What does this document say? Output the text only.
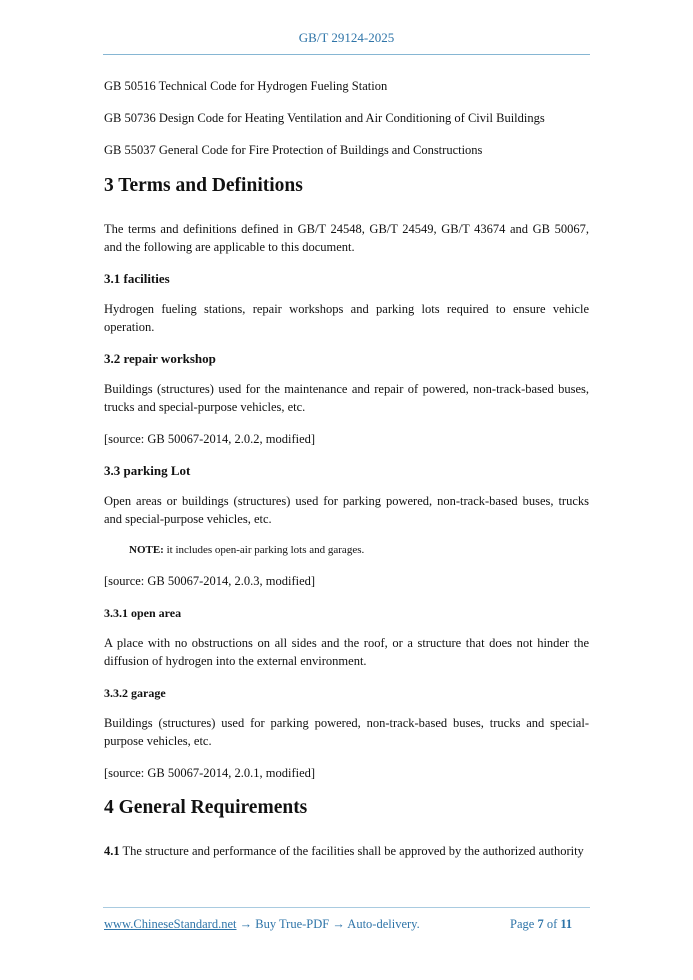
GB/T 29124-2025

GB 50516 Technical Code for Hydrogen Fueling Station

GB 50736 Design Code for Heating Ventilation and Air Conditioning of Civil Buildings

GB 55037 General Code for Fire Protection of Buildings and Constructions

3 Terms and Definitions

The terms and definitions defined in GB/T 24548, GB/T 24549, GB/T 43674 and GB 50067, and the following are applicable to this document.

3.1 facilities

Hydrogen fueling stations, repair workshops and parking lots required to ensure vehicle operation.

3.2 repair workshop

Buildings (structures) used for the maintenance and repair of powered, non-track-based buses, trucks and special-purpose vehicles, etc.

[source: GB 50067-2014, 2.0.2, modified]

3.3 parking Lot

Open areas or buildings (structures) used for parking powered, non-track-based buses, trucks and special-purpose vehicles, etc.

NOTE: it includes open-air parking lots and garages.

[source: GB 50067-2014, 2.0.3, modified]

3.3.1 open area

A place with no obstructions on all sides and the roof, or a structure that does not hinder the diffusion of hydrogen into the external environment.

3.3.2 garage

Buildings (structures) used for parking powered, non-track-based buses, trucks and special-purpose vehicles, etc.

[source: GB 50067-2014, 2.0.1, modified]

4 General Requirements

4.1 The structure and performance of the facilities shall be approved by the authorized authority

www.ChineseStandard.net → Buy True-PDF → Auto-delivery.	Page 7 of 11
